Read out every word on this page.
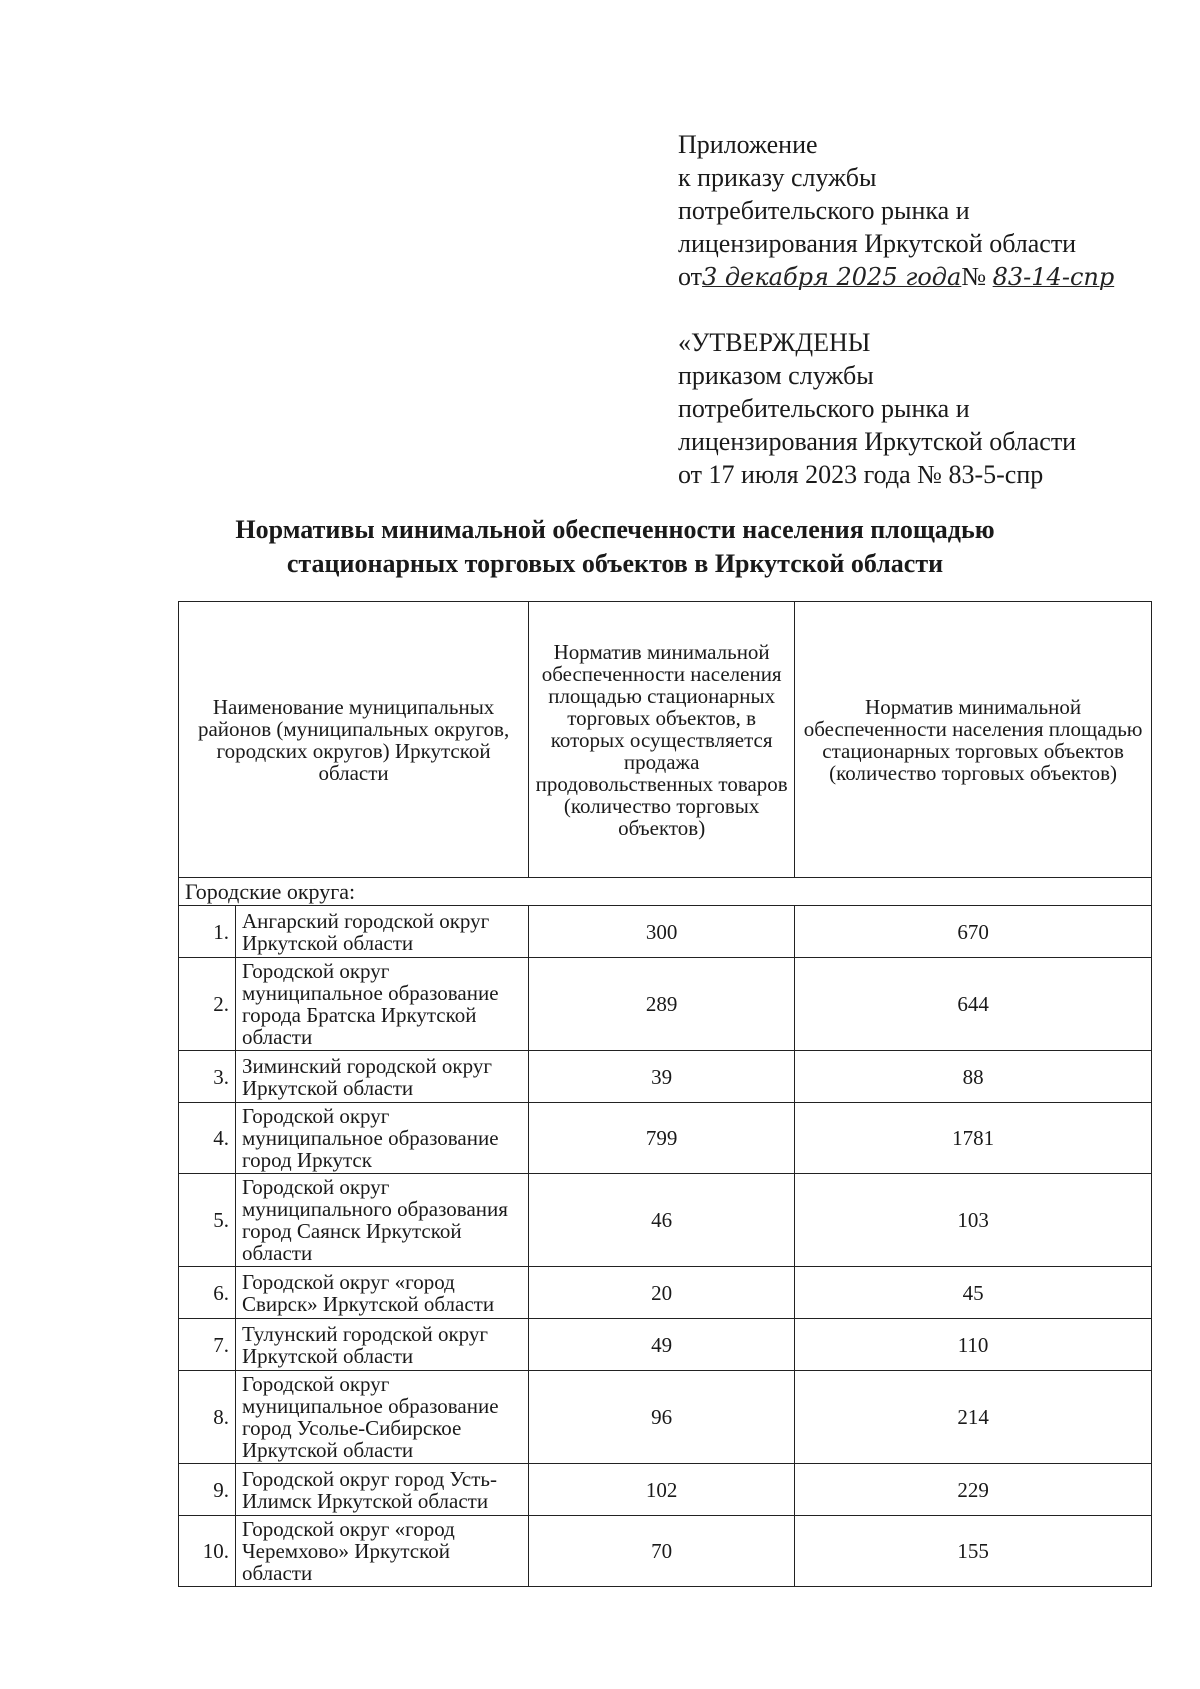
Приложение
к приказу службы
потребительского рынка и
лицензирования Иркутской области
от3 декабря 2025 года№ 83-14-спр
«УТВЕРЖДЕНЫ
приказом службы
потребительского рынка и
лицензирования Иркутской области
от 17 июля 2023 года № 83-5-спр
Нормативы минимальной обеспеченности населения площадью
стационарных торговых объектов в Иркутской области
Наименование муниципальных районов (муниципальных округов, городских округов) Иркутской области		Норматив минимальной обеспеченности населения площадью стационарных торговых объектов, в которых осуществляется продажа продовольственных товаров (количество торговых объектов)	Норматив минимальной обеспеченности населения площадью стационарных торговых объектов (количество торговых объектов)
Городские округа:			
1.	Ангарский городской округ Иркутской области	300	670
2.	Городской округ муниципальное образование города Братска Иркутской области	289	644
3.	Зиминский городской округ Иркутской области	39	88
4.	Городской округ муниципальное образование город Иркутск	799	1781
5.	Городской округ муниципального образования город Саянск Иркутской области	46	103
6.	Городской округ «город Свирск» Иркутской области	20	45
7.	Тулунский городской округ Иркутской области	49	110
8.	Городской округ муниципальное образование город Усолье-Сибирское Иркутской области	96	214
9.	Городской округ город Усть-Илимск Иркутской области	102	229
10.	Городской округ «город Черемхово» Иркутской области	70	155
